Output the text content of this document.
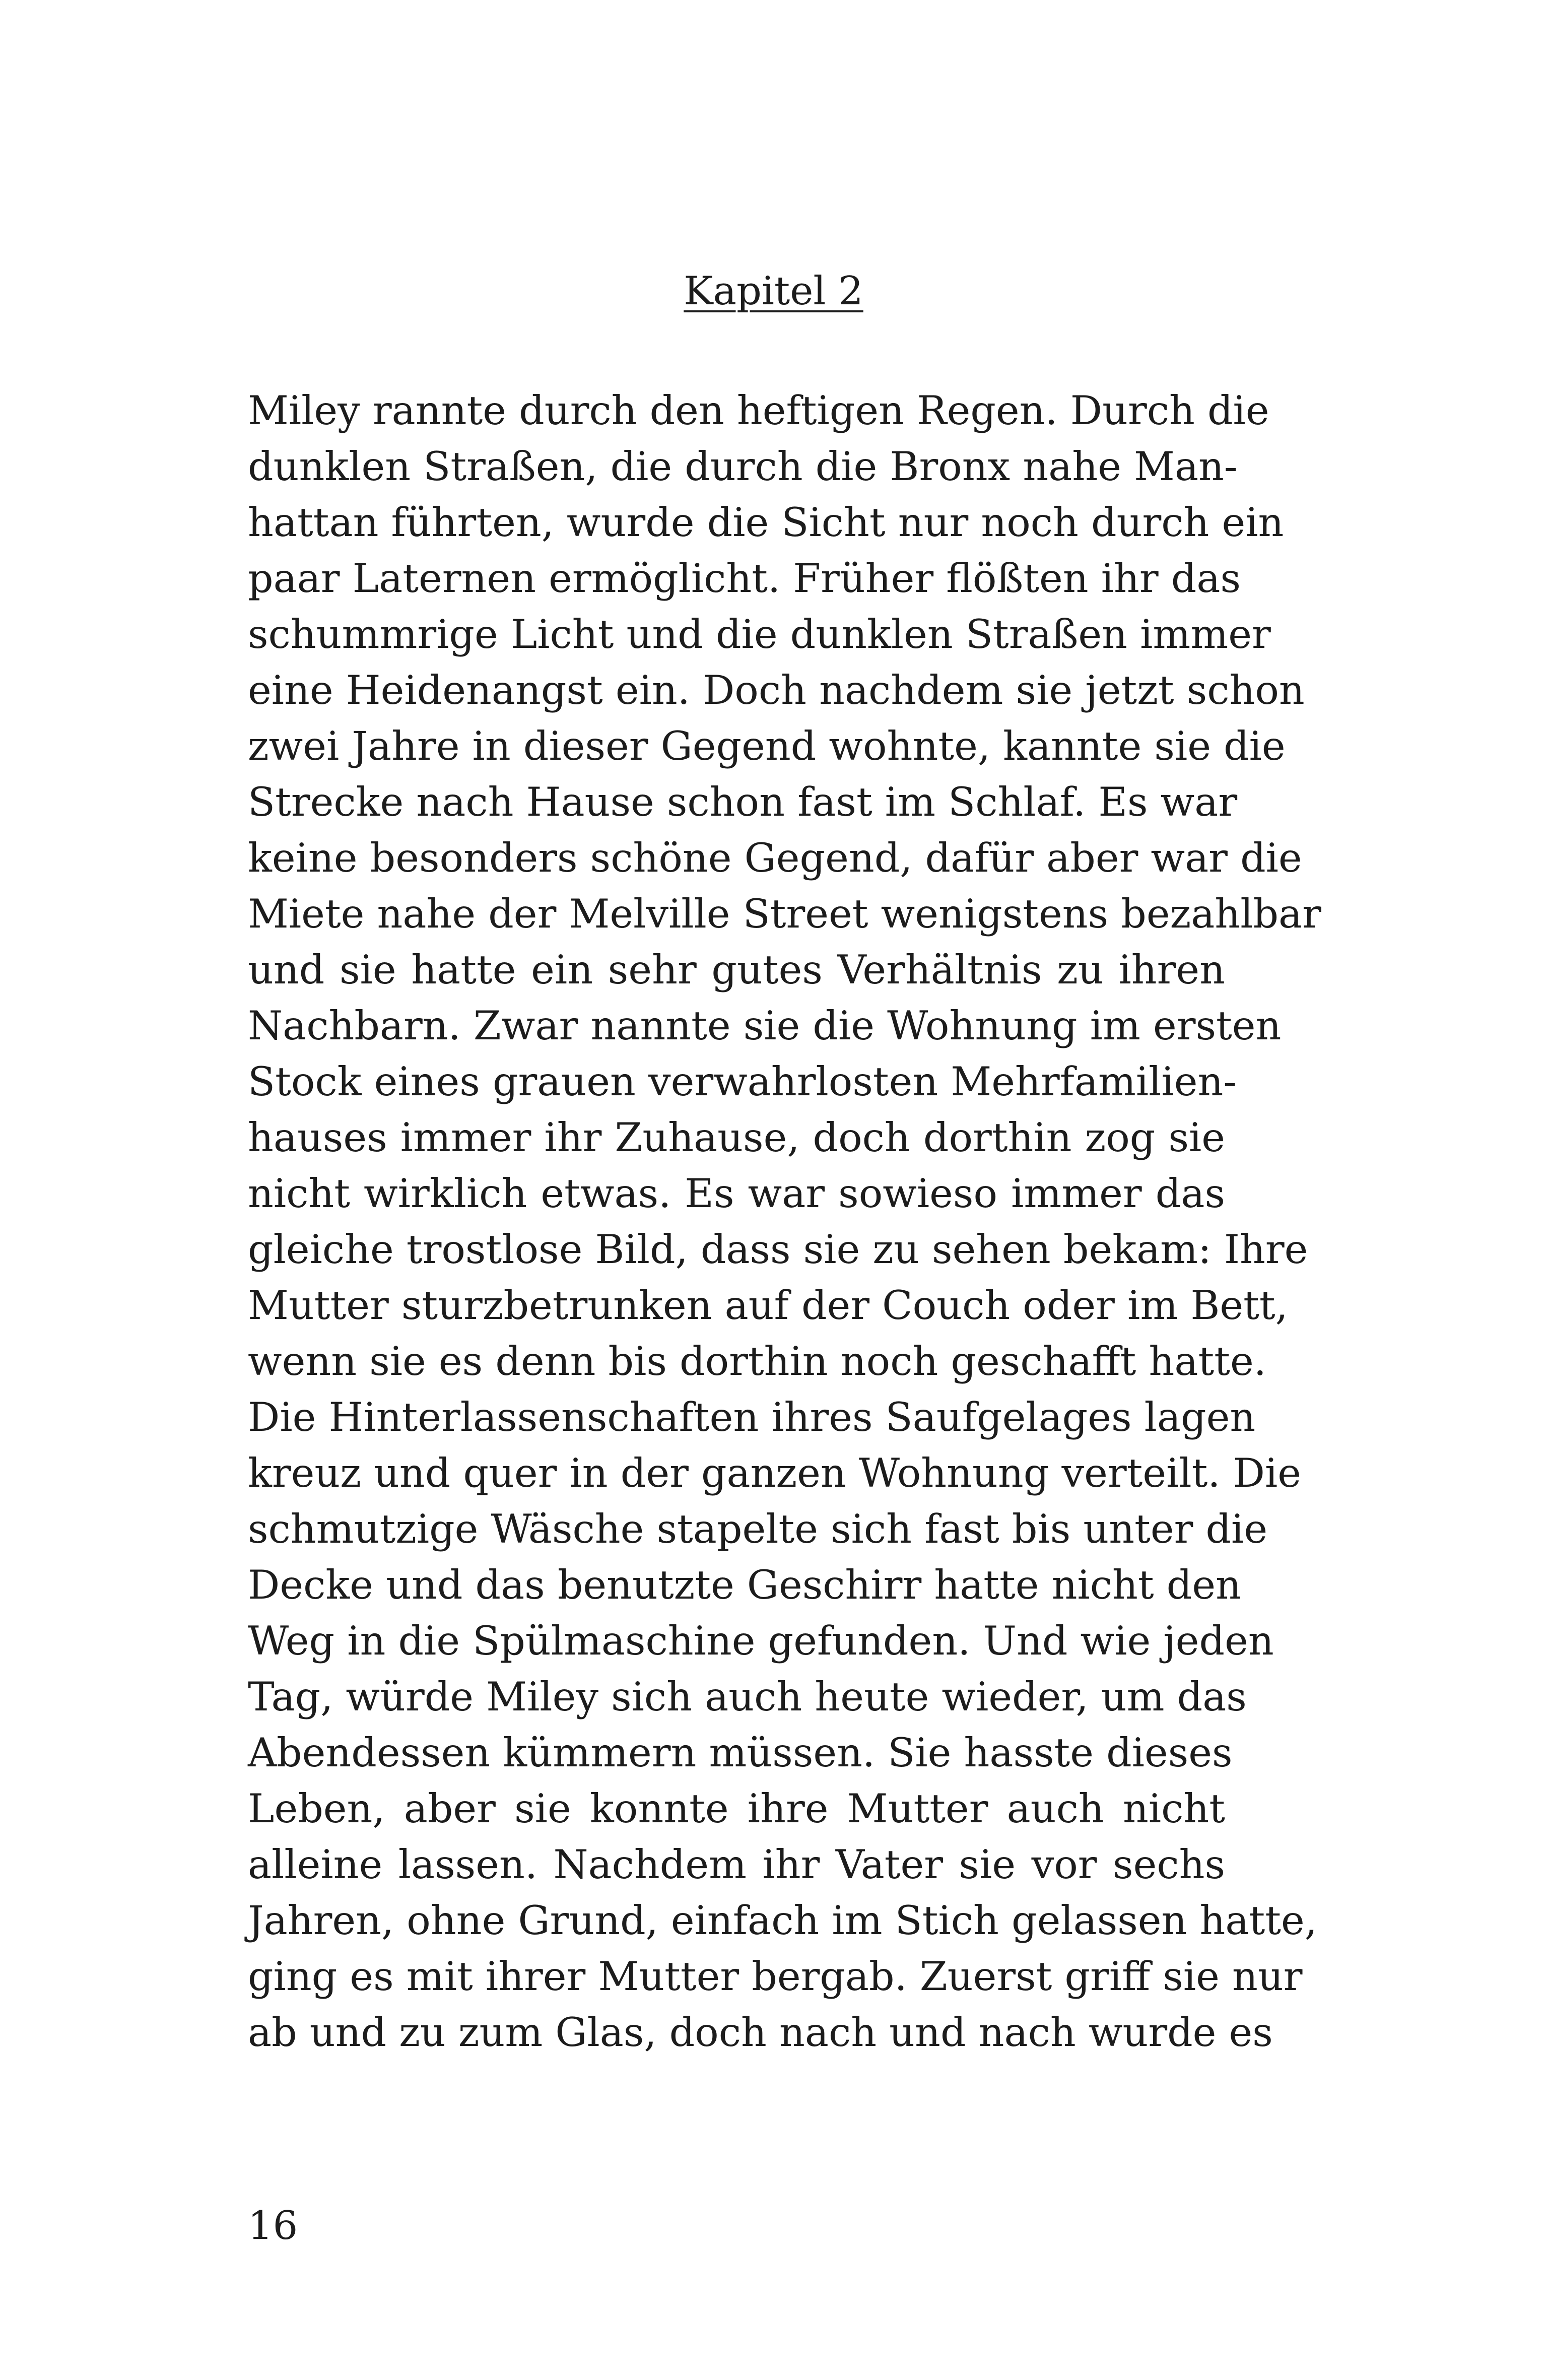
Kapitel 2
Miley rannte durch den heftigen Regen. Durch die
dunklen Straßen, die durch die Bronx nahe Man-
hattan führten, wurde die Sicht nur noch durch ein
paar Laternen ermöglicht. Früher flößten ihr das
schummrige Licht und die dunklen Straßen immer
eine Heidenangst ein. Doch nachdem sie jetzt schon
zwei Jahre in dieser Gegend wohnte, kannte sie die
Strecke nach Hause schon fast im Schlaf. Es war
keine besonders schöne Gegend, dafür aber war die
Miete nahe der Melville Street wenigstens bezahlbar
und sie hatte ein sehr gutes Verhältnis zu ihren
Nachbarn. Zwar nannte sie die Wohnung im ersten
Stock eines grauen verwahrlosten Mehrfamilien-
hauses immer ihr Zuhause, doch dorthin zog sie
nicht wirklich etwas. Es war sowieso immer das
gleiche trostlose Bild, dass sie zu sehen bekam: Ihre
Mutter sturzbetrunken auf der Couch oder im Bett,
wenn sie es denn bis dorthin noch geschafft hatte.
Die Hinterlassenschaften ihres Saufgelages lagen
kreuz und quer in der ganzen Wohnung verteilt. Die
schmutzige Wäsche stapelte sich fast bis unter die
Decke und das benutzte Geschirr hatte nicht den
Weg in die Spülmaschine gefunden. Und wie jeden
Tag, würde Miley sich auch heute wieder, um das
Abendessen kümmern müssen. Sie hasste dieses
Leben, aber sie konnte ihre Mutter auch nicht
alleine lassen. Nachdem ihr Vater sie vor sechs
Jahren, ohne Grund, einfach im Stich gelassen hatte,
ging es mit ihrer Mutter bergab. Zuerst griff sie nur
ab und zu zum Glas, doch nach und nach wurde es
16
